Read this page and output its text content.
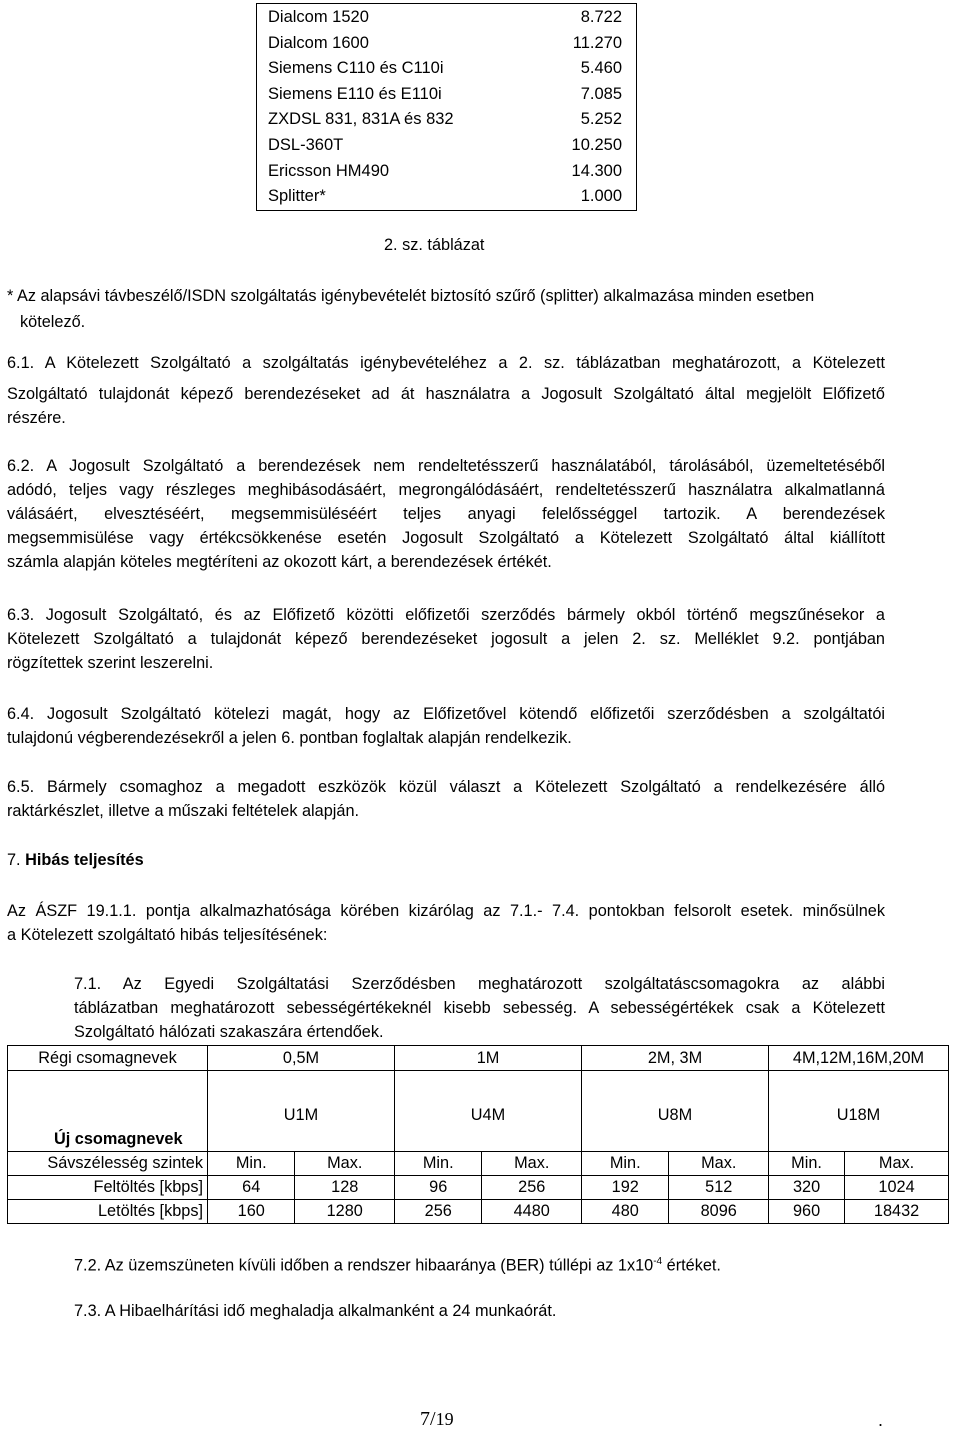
Dialcom 1520	8.722
Dialcom 1600	11.270
Siemens C110 és C110i	5.460
Siemens E110 és E110i	7.085
ZXDSL 831, 831A és 832	5.252
DSL-360T	10.250
Ericsson HM490	14.300
Splitter*	1.000
2. sz. táblázat
* Az alapsávi távbeszélő/ISDN szolgáltatás igénybevételét biztosító szűrő (splitter) alkalmazása minden esetben
kötelező.
6.1. A Kötelezett Szolgáltató a szolgáltatás igénybevételéhez a 2. sz. táblázatban meghatározott, a Kötelezett
Szolgáltató tulajdonát képező berendezéseket ad át használatra a Jogosult Szolgáltató által megjelölt Előfizető
részére.
6.2. A Jogosult Szolgáltató a berendezések nem rendeltetésszerű használatából, tárolásából, üzemeltetéséből
adódó, teljes vagy részleges meghibásodásáért, megrongálódásáért, rendeltetésszerű használatra alkalmatlanná
válásáért, elvesztéséért, megsemmisüléséért teljes anyagi felelősséggel tartozik. A berendezések
megsemmisülése vagy értékcsökkenése esetén Jogosult Szolgáltató a Kötelezett Szolgáltató által kiállított
számla alapján köteles megtéríteni az okozott kárt, a berendezések értékét.
6.3. Jogosult Szolgáltató, és az Előfizető közötti előfizetői szerződés bármely okból történő megszűnésekor a
Kötelezett Szolgáltató a tulajdonát képező berendezéseket jogosult a jelen 2. sz. Melléklet 9.2. pontjában
rögzítettek szerint leszerelni.
6.4. Jogosult Szolgáltató kötelezi magát, hogy az Előfizetővel kötendő előfizetői szerződésben a szolgáltatói
tulajdonú végberendezésekről a jelen 6. pontban foglaltak alapján rendelkezik.
6.5. Bármely csomaghoz a megadott eszközök közül választ a Kötelezett Szolgáltató a rendelkezésére álló
raktárkészlet, illetve a műszaki feltételek alapján.
7. Hibás teljesítés
Az ÁSZF 19.1.1. pontja alkalmazhatósága körében kizárólag az 7.1.- 7.4. pontokban felsorolt esetek. minősülnek
a Kötelezett szolgáltató hibás teljesítésének:
7.1. Az Egyedi Szolgáltatási Szerződésben meghatározott szolgáltatáscsomagokra az alábbi
táblázatban meghatározott sebességértékeknél kisebb sebesség. A sebességértékek csak a Kötelezett
Szolgáltató hálózati szakaszára értendőek.
Régi csomagnevek	0,5M		1M		2M, 3M		4M,12M,16M,20M	
Új csomagnevek	U1M		U4M		U8M		U18M	
Sávszélesség szintek	Min.	Max.	Min.	Max.	Min.	Max.	Min.	Max.
Feltöltés [kbps]	64	128	96	256	192	512	320	1024
Letöltés [kbps]	160	1280	256	4480	480	8096	960	18432
7.2. Az üzemszüneten kívüli időben a rendszer hibaaránya (BER) túllépi az $1x10^{-4}$ értéket.
7.3. A Hibaelhárítási idő meghaladja alkalmanként a 24 munkaórát.
7/19	.
